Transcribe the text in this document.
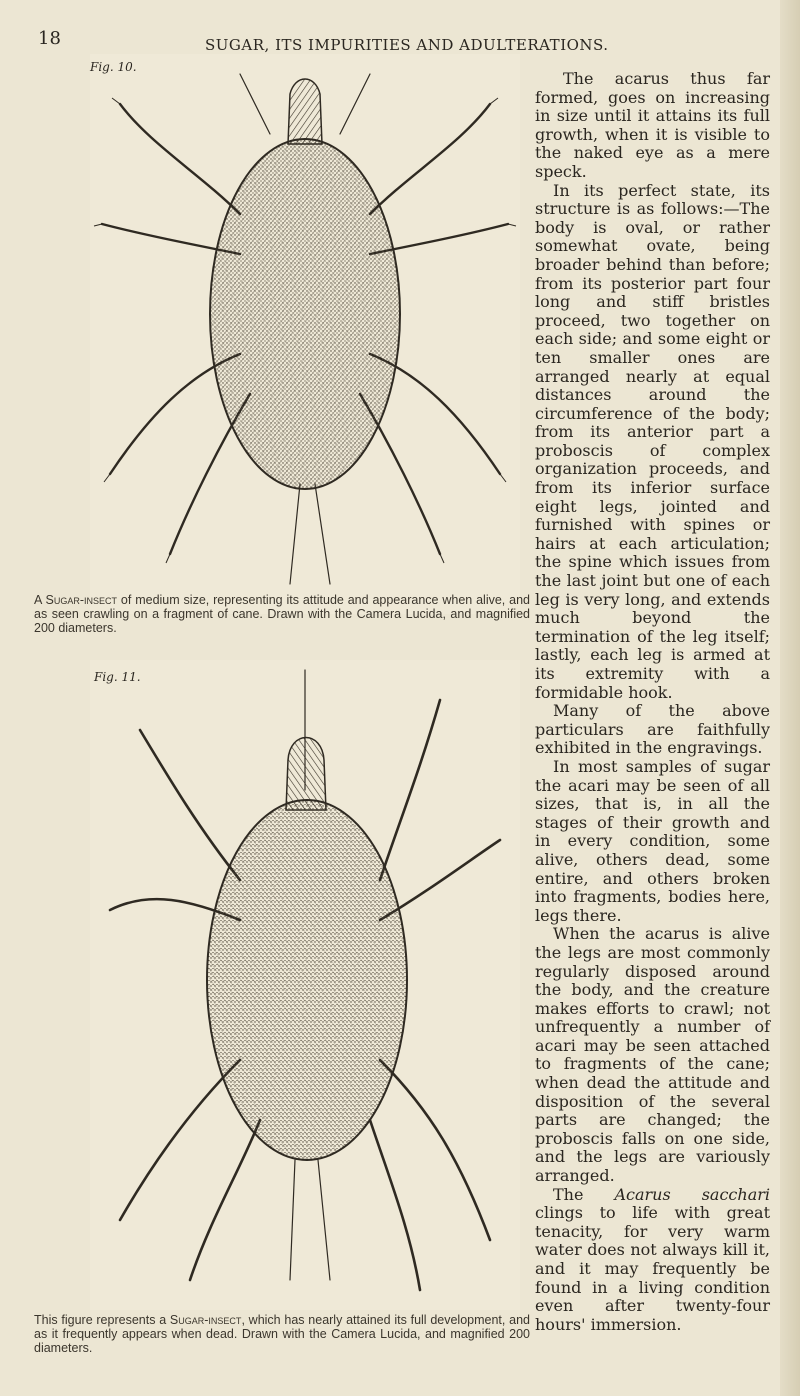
18	SUGAR, ITS IMPURITIES AND ADULTERATIONS.
Fig. 10.
A Sugar-insect of medium size, representing its attitude and appearance when alive, and as seen crawling on a fragment of cane. Drawn with the Camera Lucida, and magnified 200 diameters.
Fig. 11.
This figure represents a Sugar-insect, which has nearly attained its full development, and as it frequently appears when dead. Drawn with the Camera Lucida, and magnified 200 diameters.

The acarus thus far formed, goes on increasing in size until it attains its full growth, when it is visible to the naked eye as a mere speck.

In its perfect state, its structure is as follows:—The body is oval, or rather somewhat ovate, being broader behind than before; from its posterior part four long and stiff bristles proceed, two together on each side; and some eight or ten smaller ones are arranged nearly at equal distances around the circumference of the body; from its anterior part a proboscis of complex organization proceeds, and from its inferior surface eight legs, jointed and furnished with spines or hairs at each articulation; the spine which issues from the last joint but one of each leg is very long, and extends much beyond the termination of the leg itself; lastly, each leg is armed at its extremity with a formidable hook.

Many of the above particulars are faithfully exhibited in the engravings.

In most samples of sugar the acari may be seen of all sizes, that is, in all the stages of their growth and in every condition, some alive, others dead, some entire, and others broken into fragments, bodies here, legs there.

When the acarus is alive the legs are most commonly regularly disposed around the body, and the creature makes efforts to crawl; not unfrequently a number of acari may be seen attached to fragments of the cane; when dead the attitude and disposition of the several parts are changed; the proboscis falls on one side, and the legs are variously arranged.

The Acarus sacchari clings to life with great tenacity, for very warm water does not always kill it, and it may frequently be found in a living condition even after twenty-four hours' immersion.
